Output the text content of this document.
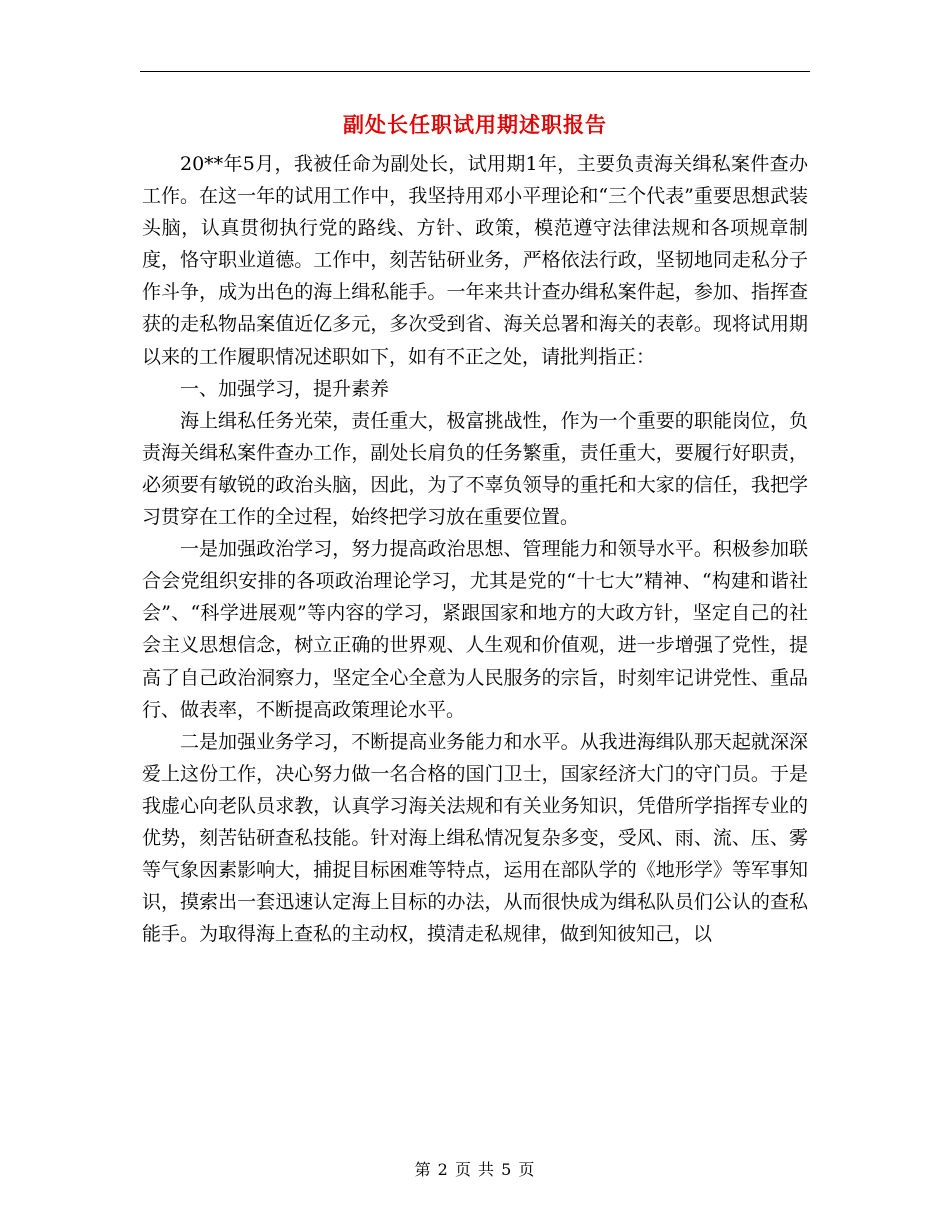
副处长任职试用期述职报告

20**年5月，我被任命为副处长，试用期1年，主要负责海关缉私案件查办工作。在这一年的试用工作中，我坚持用邓小平理论和“三个代表”重要思想武装头脑，认真贯彻执行党的路线、方针、政策，模范遵守法律法规和各项规章制度，恪守职业道德。工作中，刻苦钻研业务，严格依法行政，坚韧地同走私分子作斗争，成为出色的海上缉私能手。一年来共计查办缉私案件起，参加、指挥查获的走私物品案值近亿多元，多次受到省、海关总署和海关的表彰。现将试用期以来的工作履职情况述职如下，如有不正之处，请批判指正：

一、加强学习，提升素养

海上缉私任务光荣，责任重大，极富挑战性，作为一个重要的职能岗位，负责海关缉私案件查办工作，副处长肩负的任务繁重，责任重大，要履行好职责，必须要有敏锐的政治头脑，因此，为了不辜负领导的重托和大家的信任，我把学习贯穿在工作的全过程，始终把学习放在重要位置。

一是加强政治学习，努力提高政治思想、管理能力和领导水平。积极参加联合会党组织安排的各项政治理论学习，尤其是党的“十七大”精神、“构建和谐社会”、“科学进展观”等内容的学习，紧跟国家和地方的大政方针，坚定自己的社会主义思想信念，树立正确的世界观、人生观和价值观，进一步增强了党性，提高了自己政治洞察力，坚定全心全意为人民服务的宗旨，时刻牢记讲党性、重品行、做表率，不断提高政策理论水平。

二是加强业务学习，不断提高业务能力和水平。从我进海缉队那天起就深深爱上这份工作，决心努力做一名合格的国门卫士，国家经济大门的守门员。于是我虚心向老队员求教，认真学习海关法规和有关业务知识，凭借所学指挥专业的优势，刻苦钻研查私技能。针对海上缉私情况复杂多变，受风、雨、流、压、雾等气象因素影响大，捕捉目标困难等特点，运用在部队学的《地形学》等军事知识，摸索出一套迅速认定海上目标的办法，从而很快成为缉私队员们公认的查私能手。为取得海上查私的主动权，摸清走私规律，做到知彼知己，以

第 2 页 共 5 页
